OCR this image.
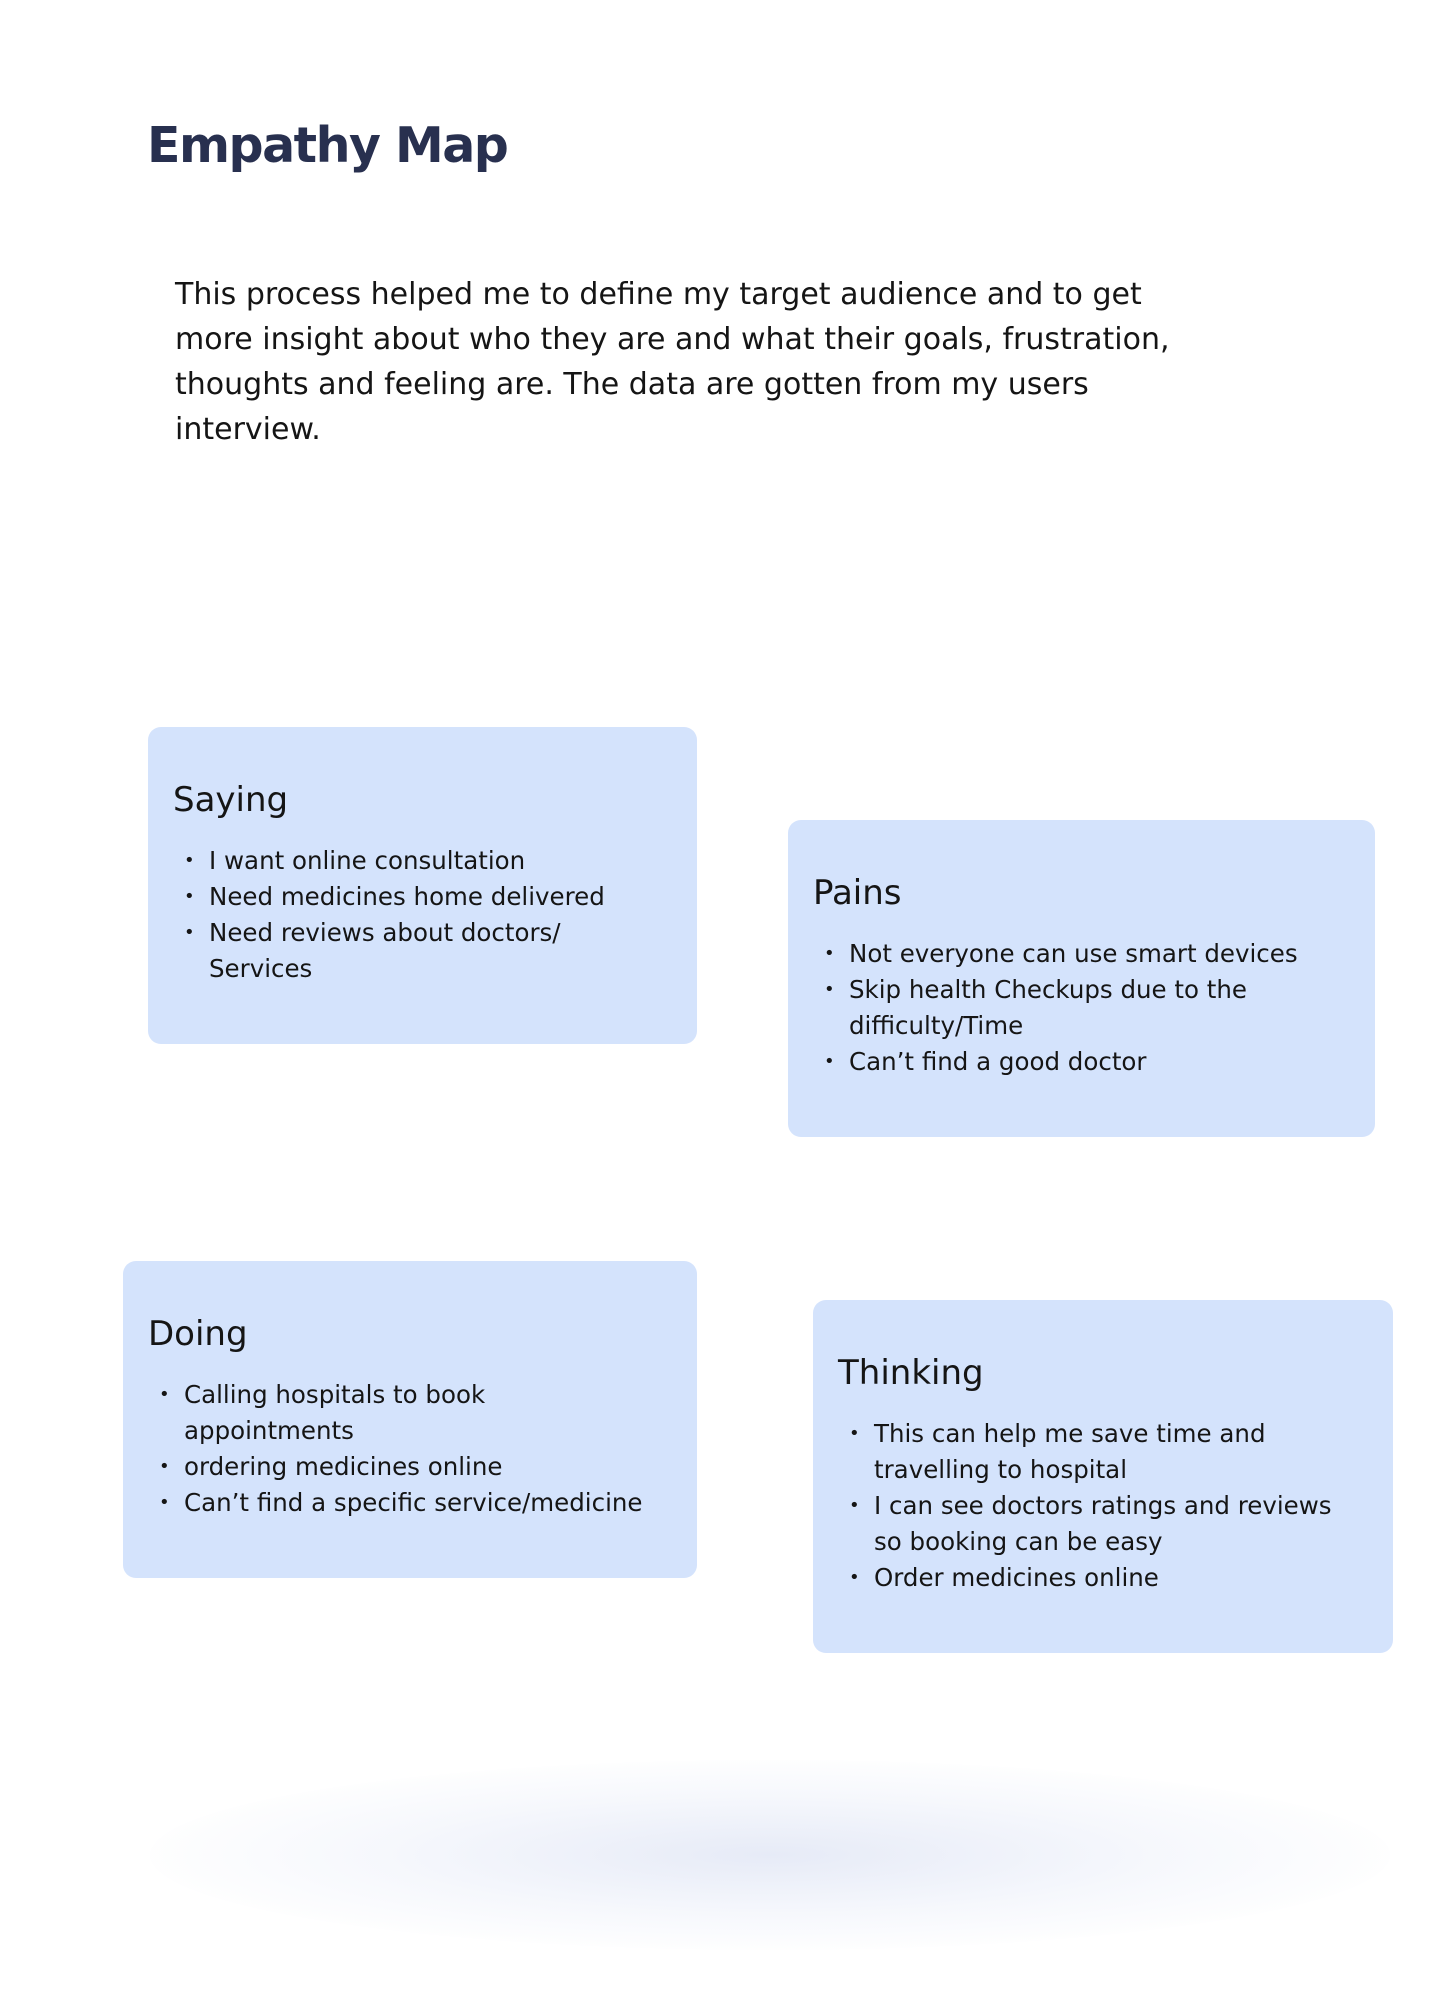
Empathy Map

This process helped me to define my target audience and to get more insight about who they are and what their goals, frustration, thoughts and feeling are. The data are gotten from my users interview.

Saying
• I want online consultation
• Need medicines home delivered
• Need reviews about doctors/
Services
Pains
• Not everyone can use smart devices
• Skip health Checkups due to the
difficulty/Time
• Can’t find a good doctor
Doing
• Calling hospitals to book
appointments
• ordering medicines online
• Can’t find a specific service/medicine
Thinking
• This can help me save time and
travelling to hospital
• I can see doctors ratings and reviews
so booking can be easy
• Order medicines online
